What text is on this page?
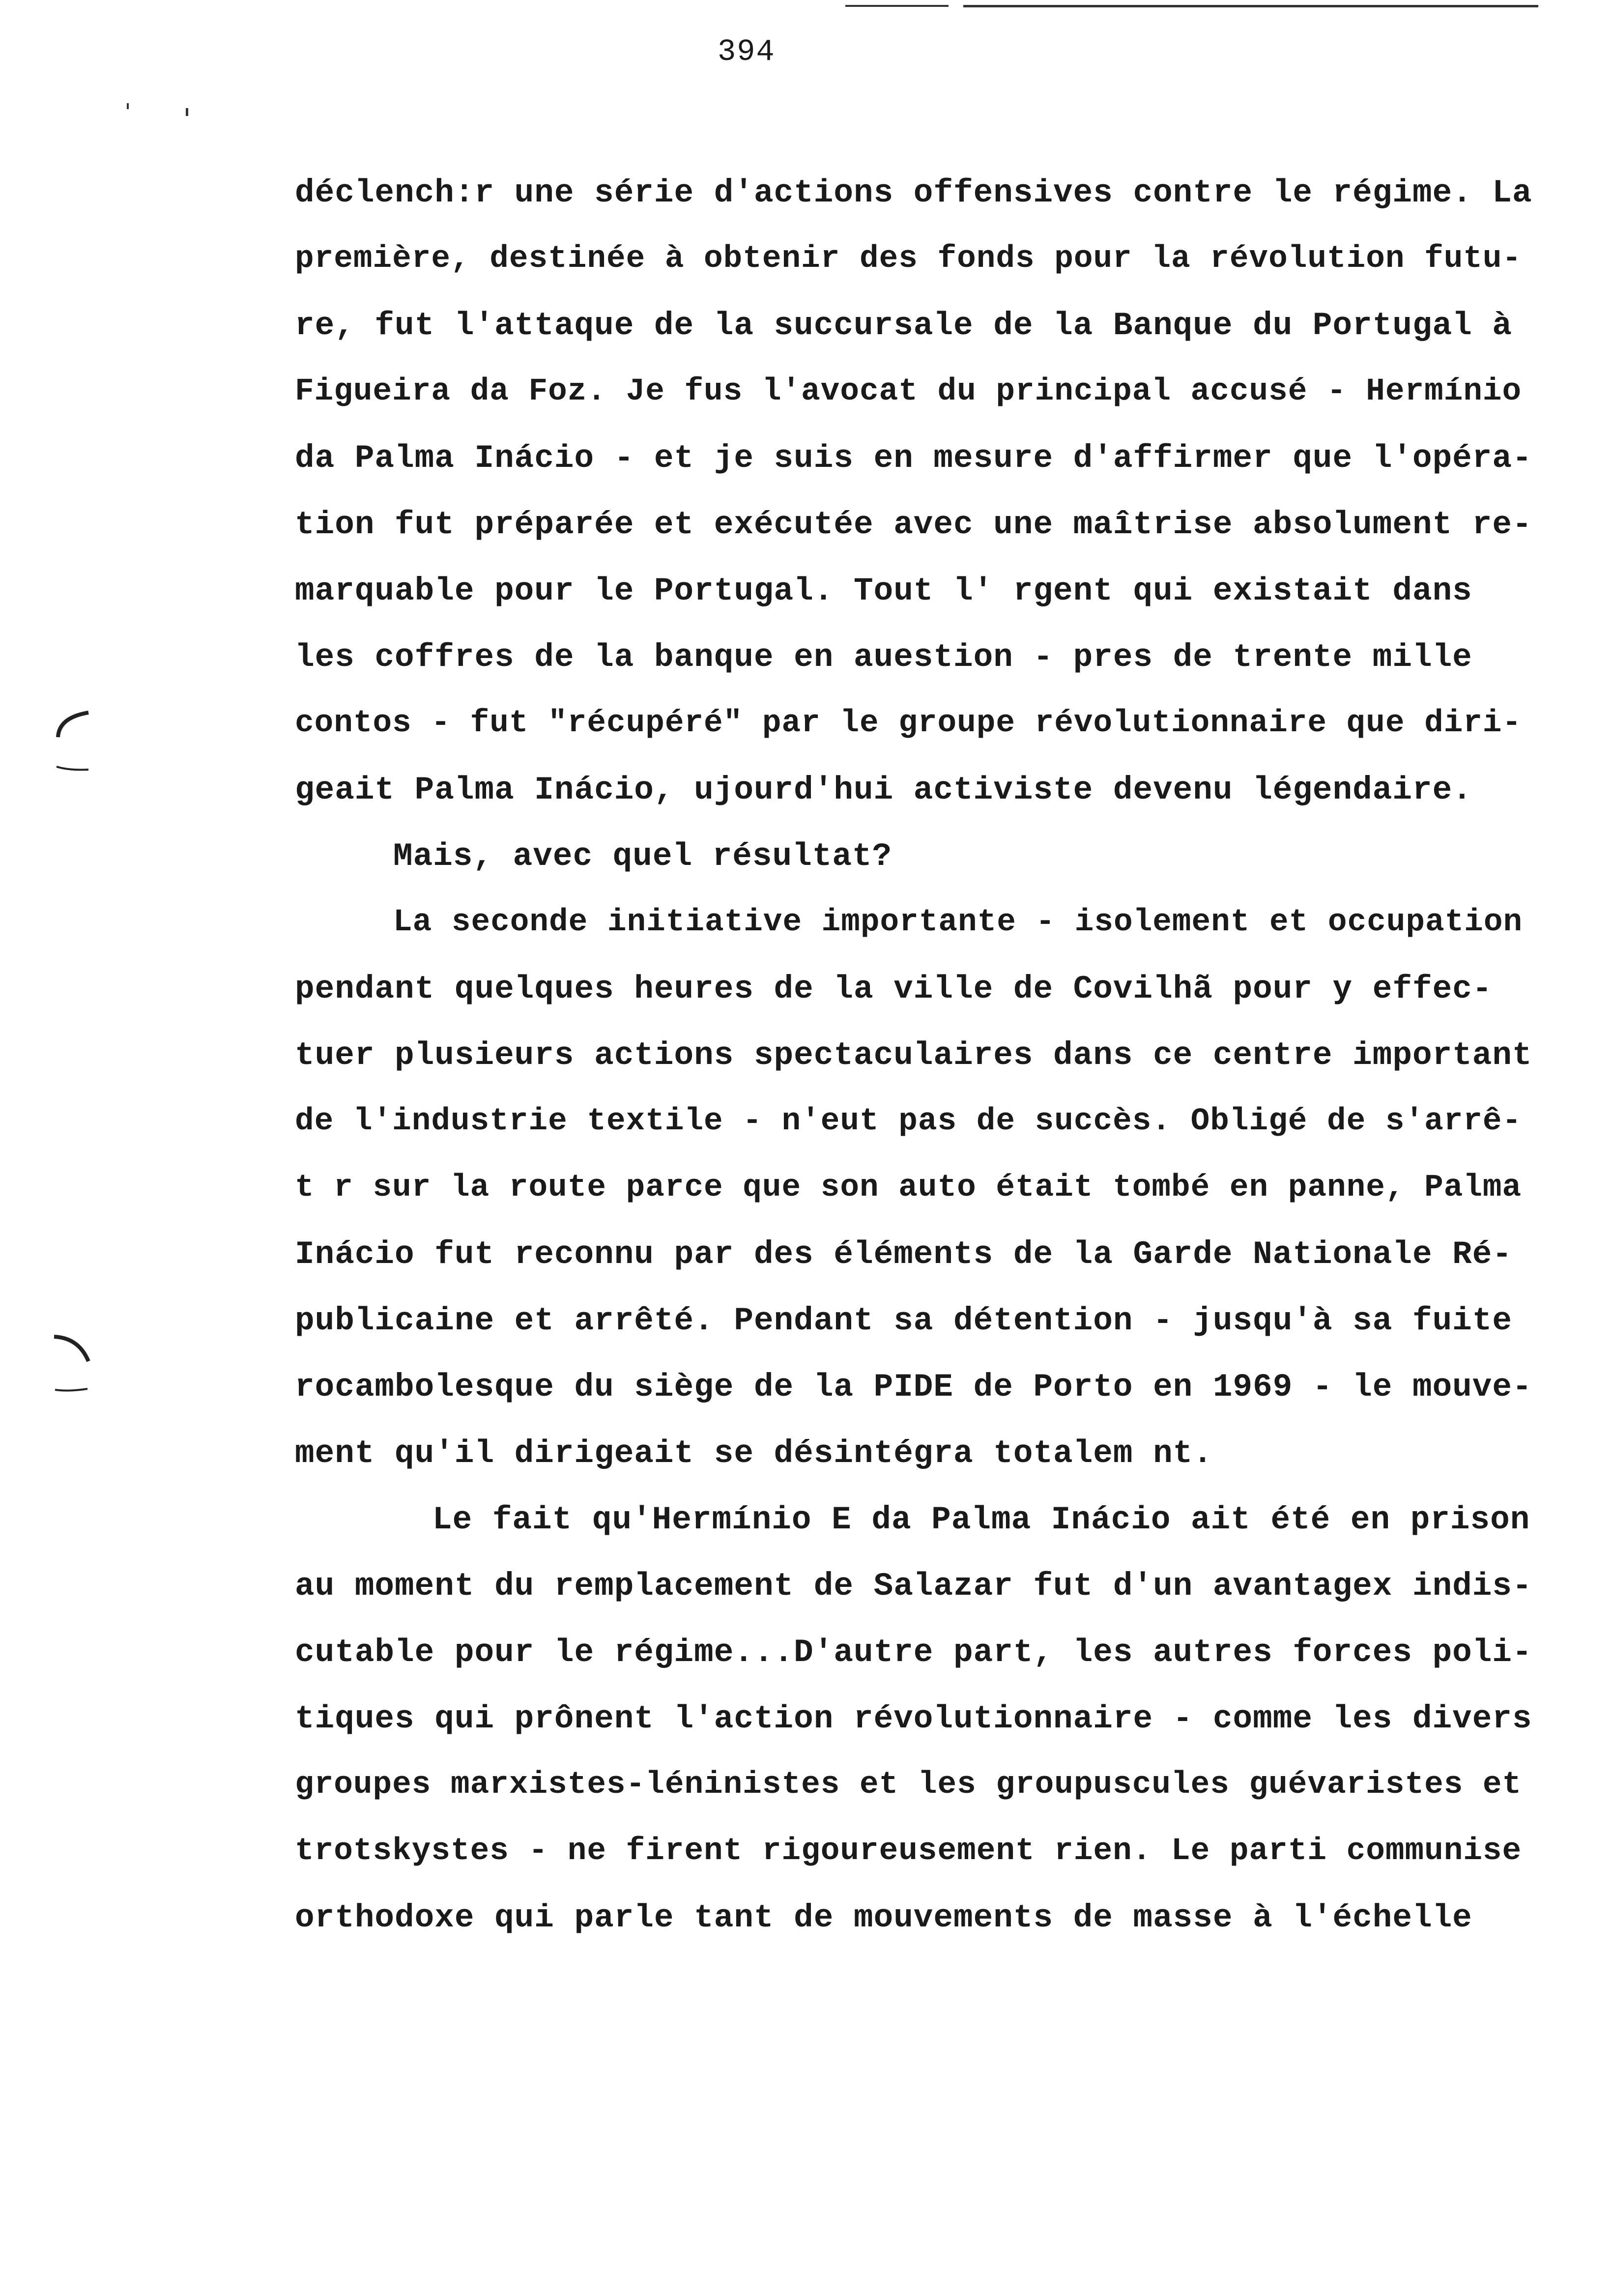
394
déclench:r une série d'actions offensives contre le régime. La
première, destinée à obtenir des fonds pour la révolution futu-
re, fut l'attaque de la succursale de la Banque du Portugal à
Figueira da Foz. Je fus l'avocat du principal accusé - Hermínio
da Palma Inácio - et je suis en mesure d'affirmer que l'opéra-
tion fut préparée et exécutée avec une maîtrise absolument re-
marquable pour le Portugal. Tout l' rgent qui existait dans
les coffres de la banque en auestion - pres de trente mille
contos - fut "récupéré" par le groupe révolutionnaire que diri-
geait Palma Inácio, ujourd'hui activiste devenu légendaire.
Mais, avec quel résultat?
La seconde initiative importante - isolement et occupation
pendant quelques heures de la ville de Covilhã pour y effec-
tuer plusieurs actions spectaculaires dans ce centre important
de l'industrie textile - n'eut pas de succès. Obligé de s'arrê-
t r sur la route parce que son auto était tombé en panne, Palma
Inácio fut reconnu par des éléments de la Garde Nationale Ré-
publicaine et arrêté. Pendant sa détention - jusqu'à sa fuite
rocambolesque du siège de la PIDE de Porto en 1969 - le mouve-
ment qu'il dirigeait se désintégra totalem nt.
Le fait qu'Hermínio E da Palma Inácio ait été en prison
au moment du remplacement de Salazar fut d'un avantagex indis-
cutable pour le régime...D'autre part, les autres forces poli-
tiques qui prônent l'action révolutionnaire - comme les divers
groupes marxistes-léninistes et les groupuscules guévaristes et
trotskystes - ne firent rigoureusement rien. Le parti communise
orthodoxe qui parle tant de mouvements de masse à l'échelle
